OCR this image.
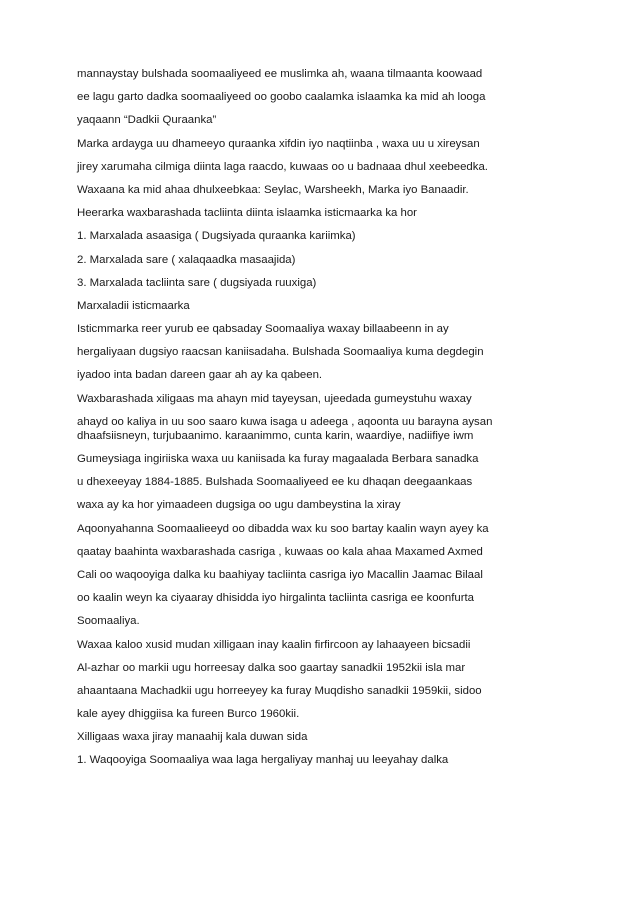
mannaystay bulshada soomaaliyeed ee muslimka ah, waana tilmaanta koowaad

ee lagu garto dadka soomaaliyeed oo goobo caalamka islaamka ka mid ah looga

yaqaann “Dadkii Quraanka”

Marka ardayga uu dhameeyo quraanka xifdin iyo naqtiinba , waxa uu u xireysan

jirey xarumaha cilmiga diinta laga raacdo, kuwaas oo u badnaaa dhul xeebeedka.

Waxaana ka mid ahaa dhulxeebkaa: Seylac, Warsheekh, Marka iyo Banaadir.

Heerarka waxbarashada tacliinta diinta islaamka isticmaarka ka hor

1. Marxalada asaasiga ( Dugsiyada quraanka kariimka)

2. Marxalada sare ( xalaqaadka masaajida)

3. Marxalada tacliinta sare ( dugsiyada ruuxiga)

Marxaladii isticmaarka

Isticmmarka reer yurub ee qabsaday Soomaaliya waxay billaabeenn in ay

hergaliyaan dugsiyo raacsan kaniisadaha. Bulshada Soomaaliya kuma degdegin

iyadoo inta badan dareen gaar ah ay ka qabeen.

Waxbarashada xiligaas ma ahayn mid tayeysan, ujeedada gumeystuhu waxay

ahayd oo kaliya in uu soo saaro kuwa isaga u adeega , aqoonta uu barayna aysan dhaafsiisneyn, turjubaanimo. karaanimmo, cunta karin, waardiye, nadiifiye iwm

Gumeysiaga ingiriiska waxa uu kaniisada ka furay magaalada Berbara sanadka

u dhexeeyay 1884-1885. Bulshada Soomaaliyeed ee ku dhaqan deegaankaas

waxa ay ka hor yimaadeen dugsiga oo ugu dambeystina la xiray

Aqoonyahanna Soomaalieeyd oo dibadda wax ku soo bartay kaalin wayn ayey ka

qaatay baahinta waxbarashada casriga , kuwaas oo kala ahaa Maxamed Axmed

Cali oo waqooyiga dalka ku baahiyay tacliinta casriga iyo Macallin Jaamac Bilaal

oo kaalin weyn ka ciyaaray dhisidda iyo hirgalinta tacliinta casriga ee koonfurta

Soomaaliya.

Waxaa kaloo xusid mudan xilligaan inay kaalin firfircoon ay lahaayeen bicsadii

Al-azhar oo markii ugu horreesay dalka soo gaartay sanadkii 1952kii isla mar

ahaantaana Machadkii ugu horreeyey ka furay Muqdisho sanadkii 1959kii, sidoo

kale ayey dhiggiisa ka fureen Burco 1960kii.

Xilligaas waxa jiray manaahij kala duwan sida

1. Waqooyiga Soomaaliya waa laga hergaliyay manhaj uu leeyahay dalka
